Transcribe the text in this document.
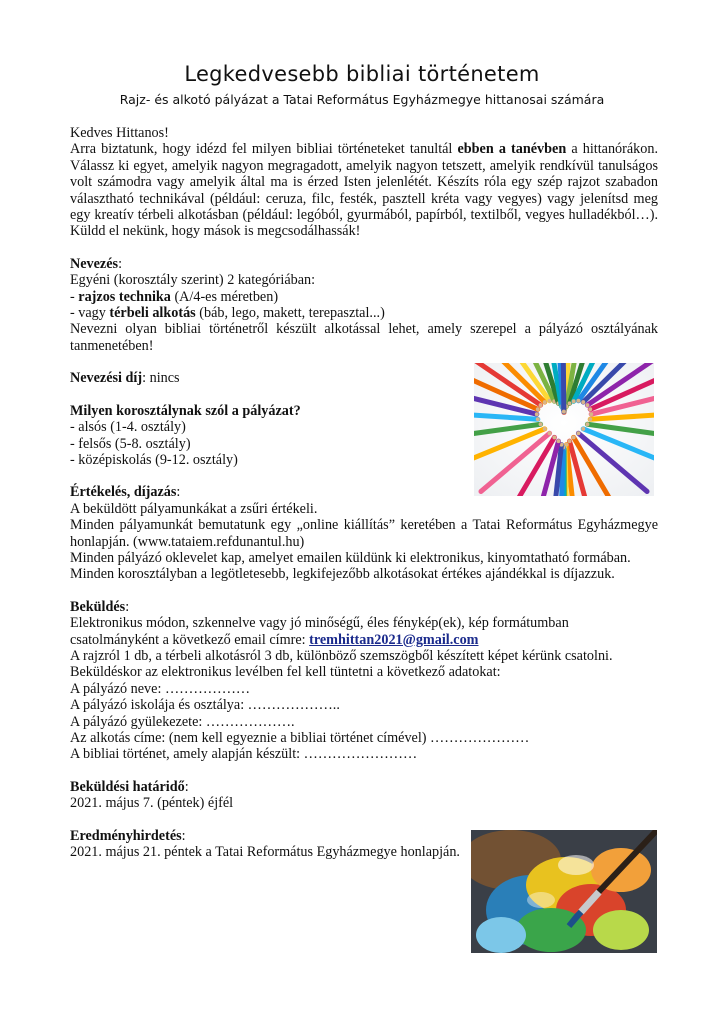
Legkedvesebb bibliai történetem
Rajz- és alkotó pályázat a Tatai Református Egyházmegye hittanosai számára

Kedves Hittanos!

Arra biztatunk, hogy idézd fel milyen bibliai történeteket tanultál ebben a tanévben a hittanórákon. Válassz ki egyet, amelyik nagyon megragadott, amelyik nagyon tetszett, amelyik rendkívül tanulságos volt számodra vagy amelyik által ma is érzed Isten jelenlétét. Készíts róla egy szép rajzot szabadon választható technikával (például: ceruza, filc, festék, pasztell kréta vagy vegyes) vagy jelenítsd meg egy kreatív térbeli alkotásban (például: legóból, gyurmából, papírból, textilből, vegyes hulladékból…). Küldd el nekünk, hogy mások is megcsodálhassák!

Nevezés:

Egyéni (korosztály szerint) 2 kategóriában:

- rajzos technika (A/4-es méretben)

- vagy térbeli alkotás (báb, lego, makett, terepasztal...)

Nevezni olyan bibliai történetről készült alkotással lehet, amely szerepel a pályázó osztályának tanmenetében!

Nevezési díj: nincs

Milyen korosztálynak szól a pályázat?

- alsós (1-4. osztály)

- felsős (5-8. osztály)

- középiskolás (9-12. osztály)

Értékelés, díjazás:

A beküldött pályamunkákat a zsűri értékeli.

Minden pályamunkát bemutatunk egy „online kiállítás” keretében a Tatai Református Egyházmegye honlapján. (www.tataiem.refdunantul.hu)

Minden pályázó oklevelet kap, amelyet emailen küldünk ki elektronikus, kinyomtatható formában.

Minden korosztályban a legötletesebb, legkifejezőbb alkotásokat értékes ajándékkal is díjazzuk.

Beküldés:

Elektronikus módon, szkennelve vagy jó minőségű, éles fénykép(ek), kép formátumban csatolmányként a következő email címre: tremhittan2021@gmail.com

A rajzról 1 db, a térbeli alkotásról 3 db, különböző szemszögből készített képet kérünk csatolni.

Beküldéskor az elektronikus levélben fel kell tüntetni a következő adatokat:

A pályázó neve: ………………

A pályázó iskolája és osztálya: ………………..

A pályázó gyülekezete: ……………….

Az alkotás címe: (nem kell egyeznie a bibliai történet címével) …………………

A bibliai történet, amely alapján készült: ……………………

Beküldési határidő:

2021. május 7. (péntek) éjfél

Eredményhirdetés:

2021. május 21. péntek a Tatai Református Egyházmegye honlapján.
